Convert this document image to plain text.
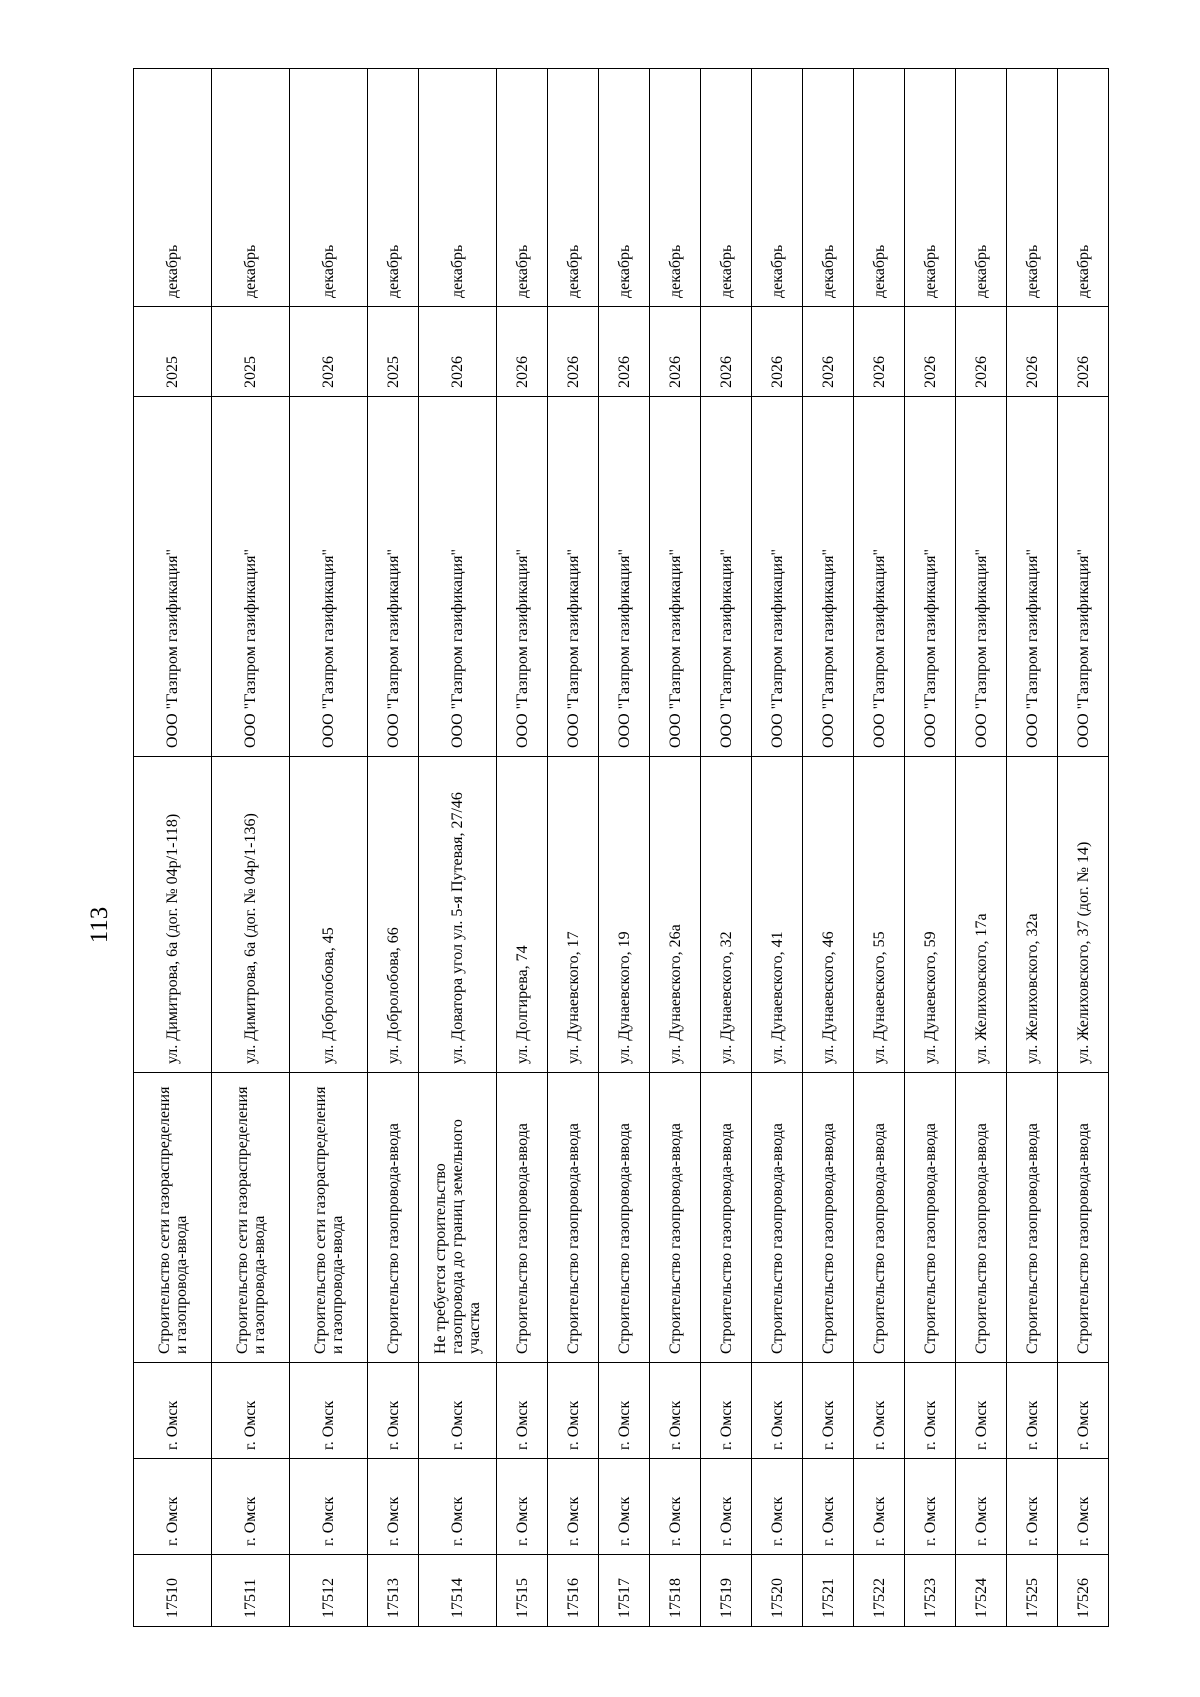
113
17510	г. Омск	г. Омск	Строительство сети газораспределения и газопровода-ввода	ул. Димитрова, 6а (дог. № 04р/1-118)	ООО "Газпром газификация"	2025	декабрь
17511	г. Омск	г. Омск	Строительство сети газораспределения и газопровода-ввода	ул. Димитрова, 6а (дог. № 04р/1-136)	ООО "Газпром газификация"	2025	декабрь
17512	г. Омск	г. Омск	Строительство сети газораспределения и газопровода-ввода	ул. Добролобова, 45	ООО "Газпром газификация"	2026	декабрь
17513	г. Омск	г. Омск	Строительство газопровода-ввода	ул. Добролобова, 66	ООО "Газпром газификация"	2025	декабрь
17514	г. Омск	г. Омск	Не требуется строительство газопровода до границ земельного участка	ул. Доватора угол ул. 5-я Путевая, 27/46	ООО "Газпром газификация"	2026	декабрь
17515	г. Омск	г. Омск	Строительство газопровода-ввода	ул. Долгирева, 74	ООО "Газпром газификация"	2026	декабрь
17516	г. Омск	г. Омск	Строительство газопровода-ввода	ул. Дунаевского, 17	ООО "Газпром газификация"	2026	декабрь
17517	г. Омск	г. Омск	Строительство газопровода-ввода	ул. Дунаевского, 19	ООО "Газпром газификация"	2026	декабрь
17518	г. Омск	г. Омск	Строительство газопровода-ввода	ул. Дунаевского, 26а	ООО "Газпром газификация"	2026	декабрь
17519	г. Омск	г. Омск	Строительство газопровода-ввода	ул. Дунаевского, 32	ООО "Газпром газификация"	2026	декабрь
17520	г. Омск	г. Омск	Строительство газопровода-ввода	ул. Дунаевского, 41	ООО "Газпром газификация"	2026	декабрь
17521	г. Омск	г. Омск	Строительство газопровода-ввода	ул. Дунаевского, 46	ООО "Газпром газификация"	2026	декабрь
17522	г. Омск	г. Омск	Строительство газопровода-ввода	ул. Дунаевского, 55	ООО "Газпром газификация"	2026	декабрь
17523	г. Омск	г. Омск	Строительство газопровода-ввода	ул. Дунаевского, 59	ООО "Газпром газификация"	2026	декабрь
17524	г. Омск	г. Омск	Строительство газопровода-ввода	ул. Желиховского, 17а	ООО "Газпром газификация"	2026	декабрь
17525	г. Омск	г. Омск	Строительство газопровода-ввода	ул. Желиховского, 32а	ООО "Газпром газификация"	2026	декабрь
17526	г. Омск	г. Омск	Строительство газопровода-ввода	ул. Желиховского, 37 (дог. № 14)	ООО "Газпром газификация"	2026	декабрь
